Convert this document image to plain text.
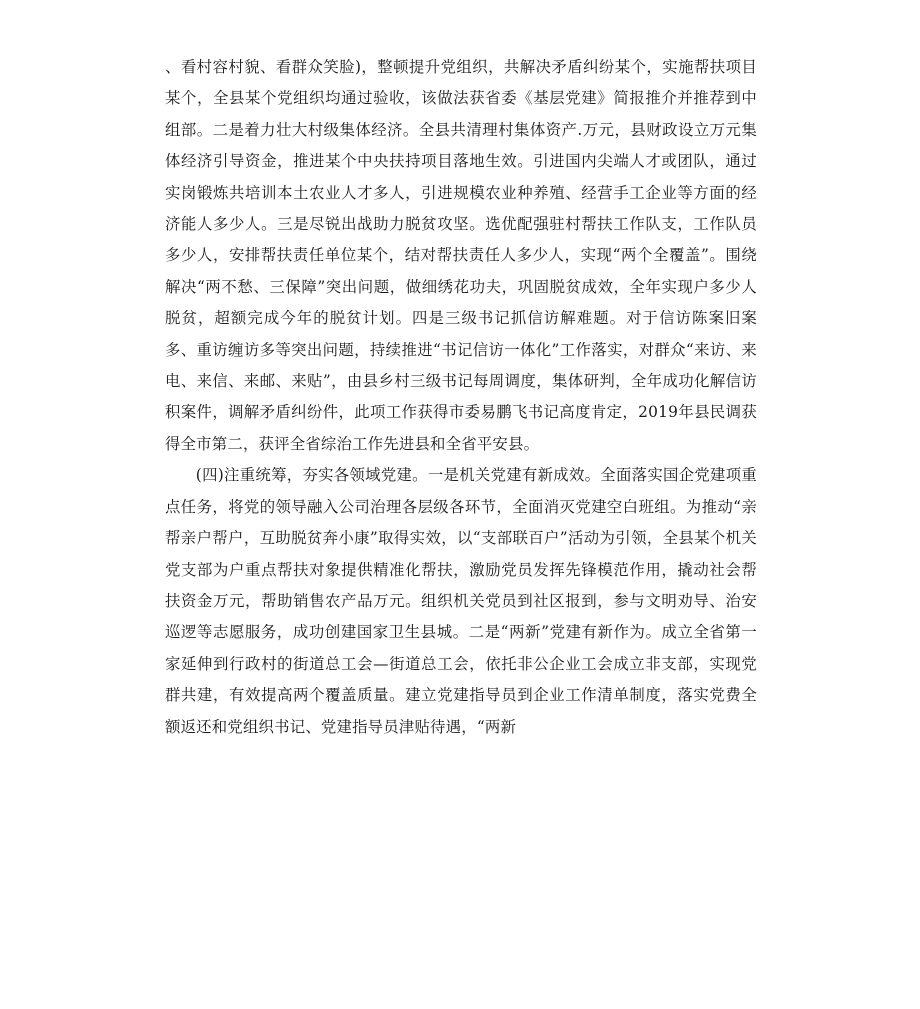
、看村容村貌、看群众笑脸)，整顿提升党组织，共解决矛盾纠纷某个，实施帮扶项目某个，全县某个党组织均通过验收，该做法获省委《基层党建》简报推介并推荐到中组部。二是着力壮大村级集体经济。全县共清理村集体资产.万元，县财政设立万元集体经济引导资金，推进某个中央扶持项目落地生效。引进国内尖端人才或团队，通过实岗锻炼共培训本土农业人才多人，引进规模农业种养殖、经营手工企业等方面的经济能人多少人。三是尽锐出战助力脱贫攻坚。选优配强驻村帮扶工作队支，工作队员多少人，安排帮扶责任单位某个，结对帮扶责任人多少人，实现“两个全覆盖”。围绕解决“两不愁、三保障”突出问题，做细绣花功夫，巩固脱贫成效，全年实现户多少人脱贫，超额完成今年的脱贫计划。四是三级书记抓信访解难题。对于信访陈案旧案多、重访缠访多等突出问题，持续推进“书记信访一体化”工作落实，对群众“来访、来电、来信、来邮、来贴”，由县乡村三级书记每周调度，集体研判，全年成功化解信访积案件，调解矛盾纠纷件，此项工作获得市委易鹏飞书记高度肯定，2019年县民调获得全市第二，获评全省综治工作先进县和全省平安县。

(四)注重统筹，夯实各领域党建。一是机关党建有新成效。全面落实国企党建项重点任务，将党的领导融入公司治理各层级各环节，全面消灭党建空白班组。为推动“亲帮亲户帮户，互助脱贫奔小康”取得实效，以“支部联百户”活动为引领，全县某个机关党支部为户重点帮扶对象提供精准化帮扶，激励党员发挥先锋模范作用，撬动社会帮扶资金万元，帮助销售农产品万元。组织机关党员到社区报到，参与文明劝导、治安巡逻等志愿服务，成功创建国家卫生县城。二是“两新”党建有新作为。成立全省第一家延伸到行政村的街道总工会—街道总工会，依托非公企业工会成立非支部，实现党群共建，有效提高两个覆盖质量。建立党建指导员到企业工作清单制度，落实党费全额返还和党组织书记、党建指导员津贴待遇，“两新
